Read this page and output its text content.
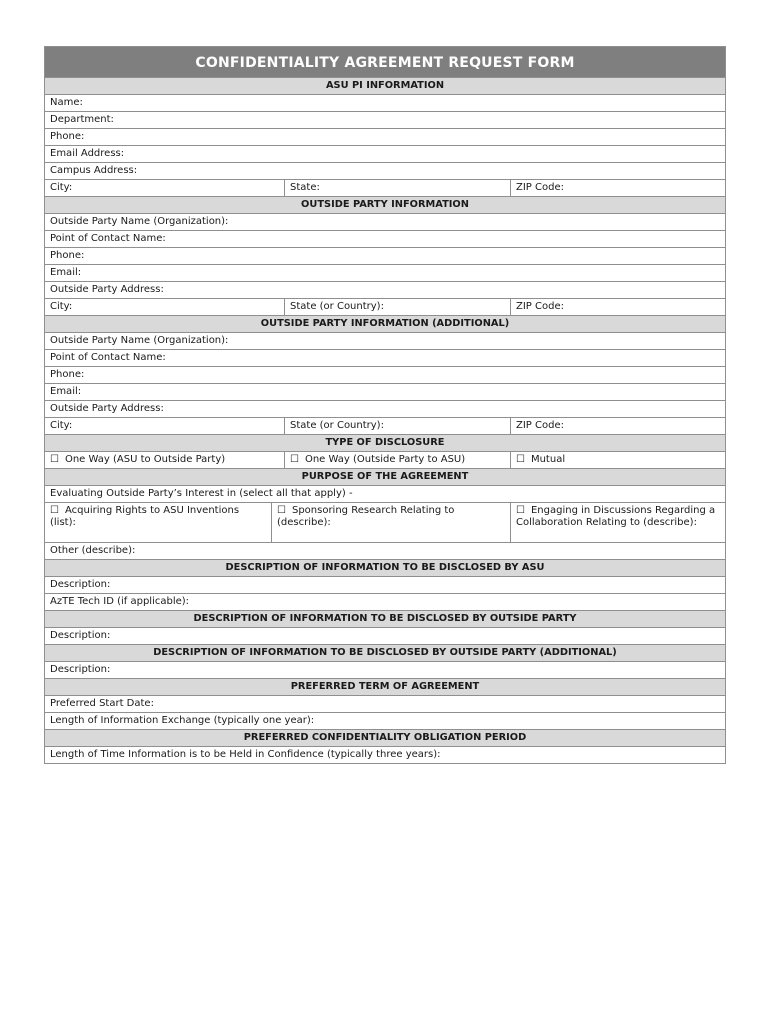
CONFIDENTIALITY AGREEMENT REQUEST FORM			
ASU PI INFORMATION			
Name:			
Department:			
Phone:			
Email Address:			
Campus Address:			
City:		State:	ZIP Code:
OUTSIDE PARTY INFORMATION			
Outside Party Name (Organization):			
Point of Contact Name:			
Phone:			
Email:			
Outside Party Address:			
City:		State (or Country):	ZIP Code:
OUTSIDE PARTY INFORMATION (ADDITIONAL)			
Outside Party Name (Organization):			
Point of Contact Name:			
Phone:			
Email:			
Outside Party Address:			
City:		State (or Country):	ZIP Code:
TYPE OF DISCLOSURE			
☐ One Way (ASU to Outside Party)		☐ One Way (Outside Party to ASU)	☐ Mutual
PURPOSE OF THE AGREEMENT			
Evaluating Outside Party’s Interest in (select all that apply) -			
☐ Acquiring Rights to ASU Inventions (list):	☐ Sponsoring Research Relating to (describe):		☐ Engaging in Discussions Regarding a Collaboration Relating to (describe):
Other (describe):			
DESCRIPTION OF INFORMATION TO BE DISCLOSED BY ASU			
Description:			
AzTE Tech ID (if applicable):			
DESCRIPTION OF INFORMATION TO BE DISCLOSED BY OUTSIDE PARTY			
Description:			
DESCRIPTION OF INFORMATION TO BE DISCLOSED BY OUTSIDE PARTY (ADDITIONAL)			
Description:			
PREFERRED TERM OF AGREEMENT			
Preferred Start Date:			
Length of Information Exchange (typically one year):			
PREFERRED CONFIDENTIALITY OBLIGATION PERIOD			
Length of Time Information is to be Held in Confidence (typically three years):			
